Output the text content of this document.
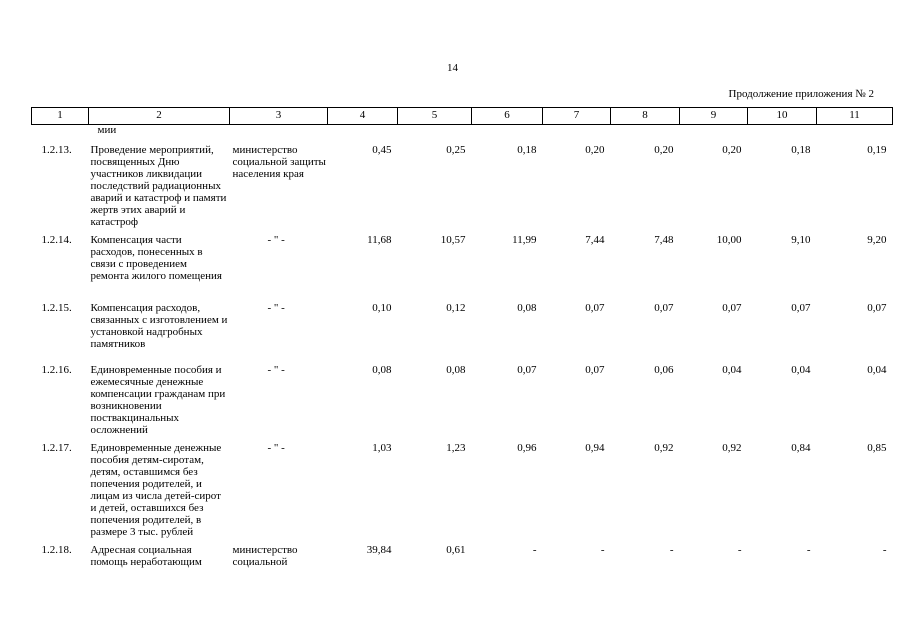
14
Продолжение приложения № 2
1	2	3	4	5	6	7	8	9	10	11
	мии									

1.2.13.	Проведение мероприятий, посвященных Дню участников ликвидации последствий радиационных аварий и катастроф и памяти жертв этих аварий и катастроф	министерство социальной защиты населения края	0,45	0,25	0,18	0,20	0,20	0,20	0,18	0,19

1.2.14.	Компенсация части расходов, понесенных в связи с проведением ремонта жилого помещения	- " -	11,68	10,57	11,99	7,44	7,48	10,00	9,10	9,20

1.2.15.	Компенсация расходов, связанных с изготовлением и установкой надгробных памятников	- " -	0,10	0,12	0,08	0,07	0,07	0,07	0,07	0,07

1.2.16.	Единовременные пособия и ежемесячные денежные компенсации гражданам при возникновении поствакцинальных осложнений	- " -	0,08	0,08	0,07	0,07	0,06	0,04	0,04	0,04

1.2.17.	Единовременные денежные пособия детям-сиротам, детям, оставшимся без попечения родителей, и лицам из числа детей-сирот и детей, оставшихся без попечения родителей, в размере 3 тыс. рублей	- " -	1,03	1,23	0,96	0,94	0,92	0,92	0,84	0,85

1.2.18.	Адресная социальная помощь неработающим	министерство социальной	39,84	0,61	-	-	-	-	-	-
